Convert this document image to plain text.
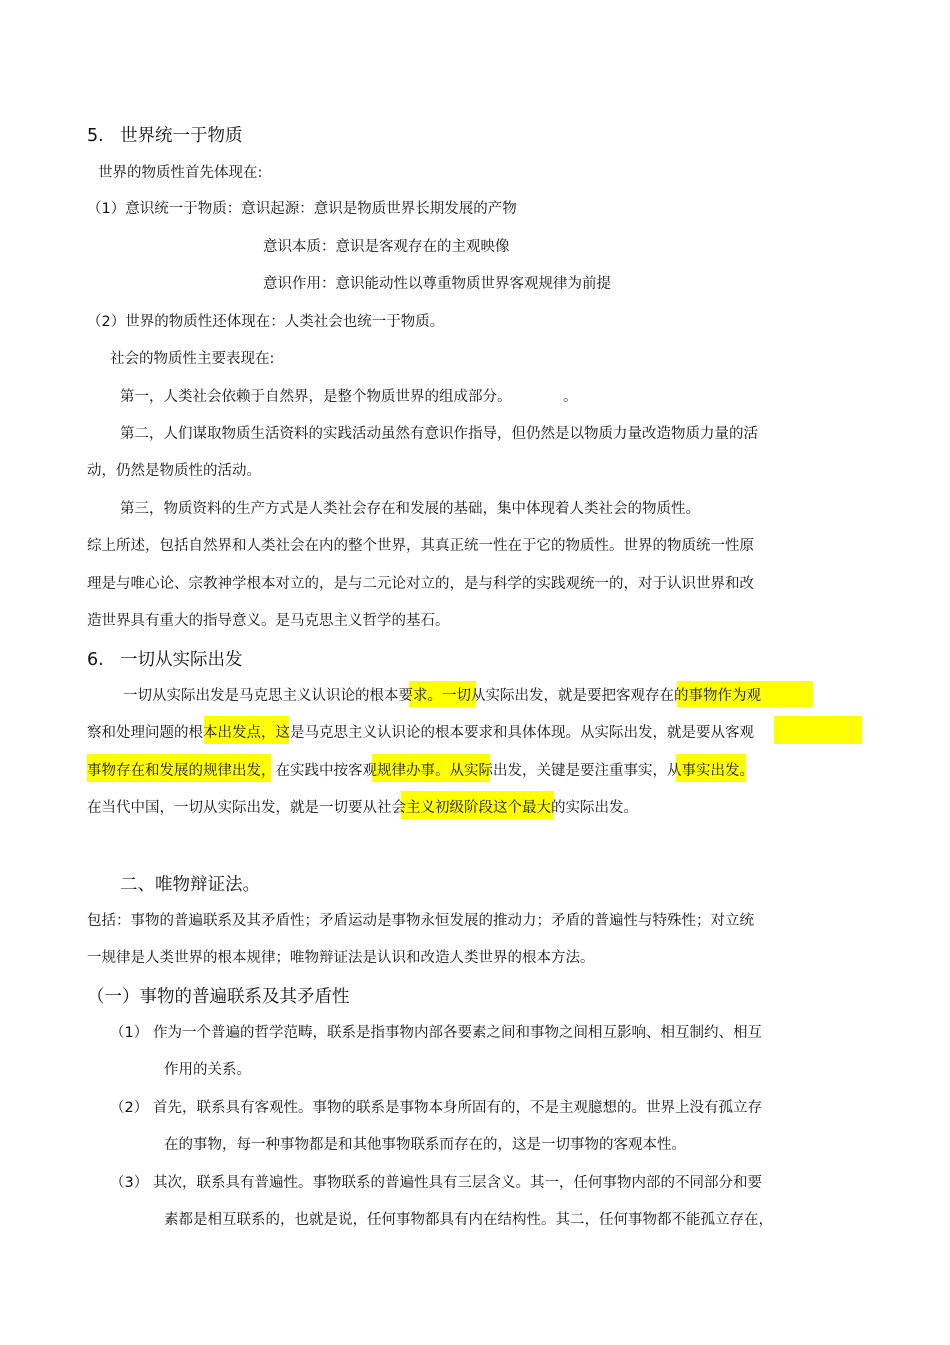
5. 世界统一于物质
世界的物质性首先体现在:
（1）意识统一于物质：意识起源：意识是物质世界长期发展的产物
意识本质：意识是客观存在的主观映像
意识作用：意识能动性以尊重物质世界客观规律为前提
（2）世界的物质性还体现在：人类社会也统一于物质。
社会的物质性主要表现在:
第一，人类社会依赖于自然界，是整个物质世界的组成部分。	。
第二，人们谋取物质生活资料的实践活动虽然有意识作指导，但仍然是以物质力量改造物质力量的活
动，仍然是物质性的活动。
第三，物质资料的生产方式是人类社会存在和发展的基础，集中体现着人类社会的物质性。
综上所述，包括自然界和人类社会在内的整个世界，其真正统一性在于它的物质性。世界的物质统一性原
理是与唯心论、宗教神学根本对立的，是与二元论对立的，是与科学的实践观统一的，对于认识世界和改
造世界具有重大的指导意义。是马克思主义哲学的基石。
6. 一切从实际出发
一切从实际出发是马克思主义认识论的根本要求。一切从实际出发，就是要把客观存在的事物作为观
察和处理问题的根本出发点，这是马克思主义认识论的根本要求和具体体现。从实际出发，就是要从客观
事物存在和发展的规律出发，在实践中按客观规律办事。从实际出发，关键是要注重事实，从事实出发。
在当代中国，一切从实际出发，就是一切要从社会主义初级阶段这个最大的实际出发。
二、唯物辩证法。
包括：事物的普遍联系及其矛盾性；矛盾运动是事物永恒发展的推动力；矛盾的普遍性与特殊性；对立统
一规律是人类世界的根本规律；唯物辩证法是认识和改造人类世界的根本方法。
（一）事物的普遍联系及其矛盾性
（1） 作为一个普遍的哲学范畴，联系是指事物内部各要素之间和事物之间相互影响、相互制约、相互
作用的关系。
（2） 首先，联系具有客观性。事物的联系是事物本身所固有的，不是主观臆想的。世界上没有孤立存
在的事物，每一种事物都是和其他事物联系而存在的，这是一切事物的客观本性。
（3） 其次，联系具有普遍性。事物联系的普遍性具有三层含义。其一，任何事物内部的不同部分和要
素都是相互联系的，也就是说，任何事物都具有内在结构性。其二，任何事物都不能孤立存在，
